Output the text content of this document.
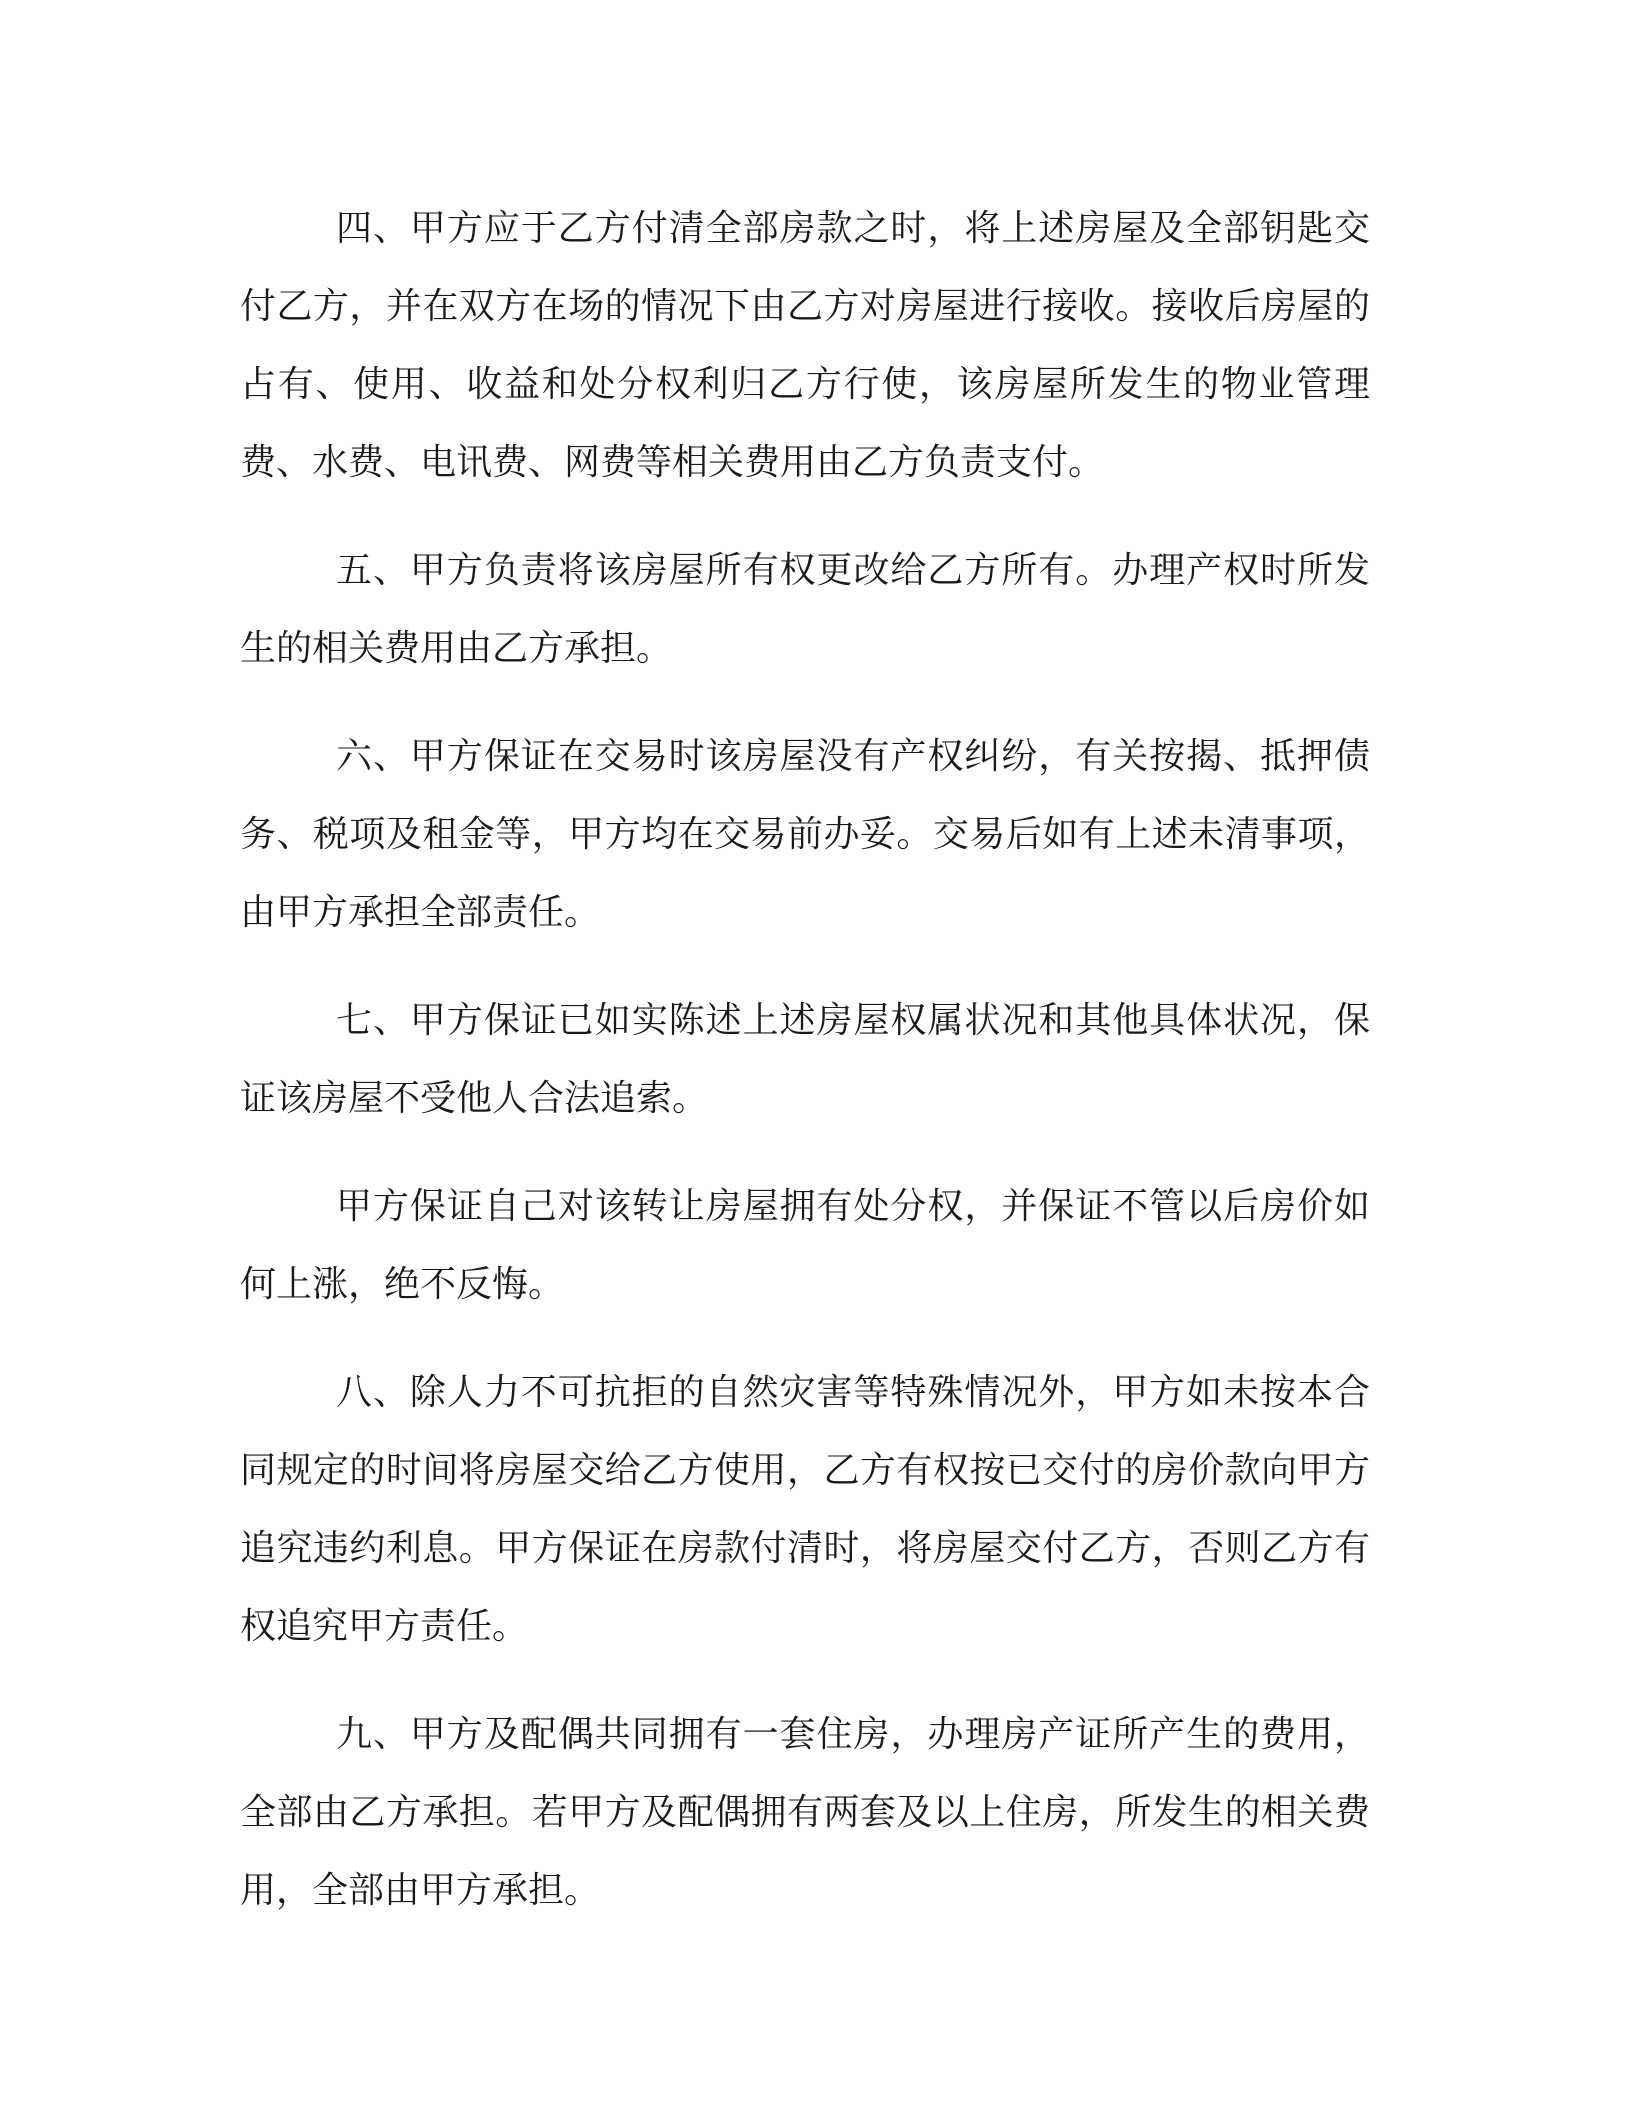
四、甲方应于乙方付清全部房款之时，将上述房屋及全部钥匙交付乙方，并在双方在场的情况下由乙方对房屋进行接收。接收后房屋的占有、使用、收益和处分权利归乙方行使，该房屋所发生的物业管理费、水费、电讯费、网费等相关费用由乙方负责支付。

五、甲方负责将该房屋所有权更改给乙方所有。办理产权时所发生的相关费用由乙方承担。

六、甲方保证在交易时该房屋没有产权纠纷，有关按揭、抵押债务、税项及租金等，甲方均在交易前办妥。交易后如有上述未清事项，由甲方承担全部责任。

七、甲方保证已如实陈述上述房屋权属状况和其他具体状况，保证该房屋不受他人合法追索。

甲方保证自己对该转让房屋拥有处分权，并保证不管以后房价如何上涨，绝不反悔。

八、除人力不可抗拒的自然灾害等特殊情况外，甲方如未按本合同规定的时间将房屋交给乙方使用，乙方有权按已交付的房价款向甲方追究违约利息。甲方保证在房款付清时，将房屋交付乙方，否则乙方有权追究甲方责任。

九、甲方及配偶共同拥有一套住房，办理房产证所产生的费用，全部由乙方承担。若甲方及配偶拥有两套及以上住房，所发生的相关费用，全部由甲方承担。
